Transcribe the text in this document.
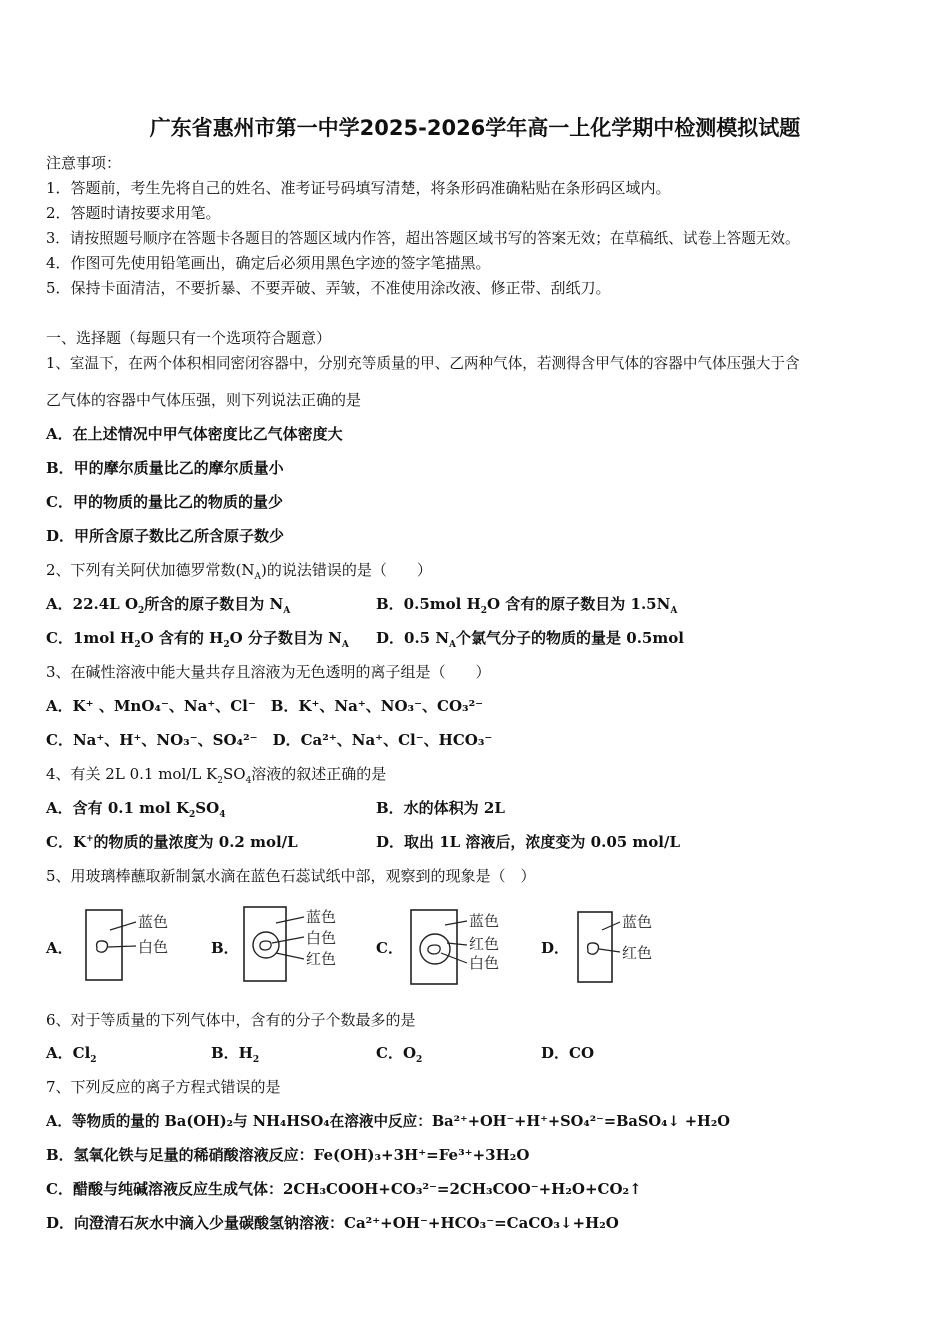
广东省惠州市第一中学2025-2026学年高一上化学期中检测模拟试题
注意事项：
1．答题前，考生先将自己的姓名、准考证号码填写清楚，将条形码准确粘贴在条形码区域内。
2．答题时请按要求用笔。
3．请按照题号顺序在答题卡各题目的答题区域内作答，超出答题区域书写的答案无效；在草稿纸、试卷上答题无效。
4．作图可先使用铅笔画出，确定后必须用黑色字迹的签字笔描黑。
5．保持卡面清洁，不要折暴、不要弄破、弄皱，不准使用涂改液、修正带、刮纸刀。
一、选择题（每题只有一个选项符合题意）
1、室温下，在两个体积相同密闭容器中，分别充等质量的甲、乙两种气体，若测得含甲气体的容器中气体压强大于含
乙气体的容器中气体压强，则下列说法正确的是
A．在上述情况中甲气体密度比乙气体密度大
B．甲的摩尔质量比乙的摩尔质量小
C．甲的物质的量比乙的物质的量少
D．甲所含原子数比乙所含原子数少
2、下列有关阿伏加德罗常数$(N_A)$的说法错误的是（　　）
A．22.4L $O_2$所含的原子数目为 $N_A$	B．0.5mol $H_2O$ 含有的原子数目为 $1.5N_A$
C．1mol $H_2O$ 含有的 $H_2O$ 分子数目为 $N_A$ D．0.5 $N_A$个氯气分子的物质的量是 0.5mol
3、在碱性溶液中能大量共存且溶液为无色透明的离子组是（　　）
A．K⁺ 、MnO₄⁻、Na⁺、Cl⁻　B．K⁺、Na⁺、NO₃⁻、CO₃²⁻
C．Na⁺、H⁺、NO₃⁻、SO₄²⁻　D．Ca²⁺、Na⁺、Cl⁻、HCO₃⁻
4、有关 2L 0.1 mol/L $K_2SO_4$溶液的叙述正确的是
A．含有 0.1 mol $K_2SO_4$	B．水的体积为 2L
C．K+的物质的量浓度为 0.2 mol/L	D．取出 1L 溶液后，浓度变为 0.05 mol/L
5、用玻璃棒蘸取新制氯水滴在蓝色石蕊试纸中部，观察到的现象是（　）
A．
蓝色
白色	B．
蓝色
白色
红色
C．
蓝色
红色
白色
D．
蓝色
红色
6、对于等质量的下列气体中，含有的分子个数最多的是
A．$Cl_2$	B．$H_2$	C．$O_2$	D．CO
7、下列反应的离子方程式错误的是
A．等物质的量的 Ba(OH)₂与 NH₄HSO₄在溶液中反应：Ba²⁺+OH⁻+H⁺+SO₄²⁻=BaSO₄↓ +H₂O
B．氢氧化铁与足量的稀硝酸溶液反应：Fe(OH)₃+3H⁺=Fe³⁺+3H₂O
C．醋酸与纯碱溶液反应生成气体：2CH₃COOH+CO₃²⁻=2CH₃COO⁻+H₂O+CO₂↑
D．向澄清石灰水中滴入少量碳酸氢钠溶液：Ca²⁺+OH⁻+HCO₃⁻=CaCO₃↓+H₂O
